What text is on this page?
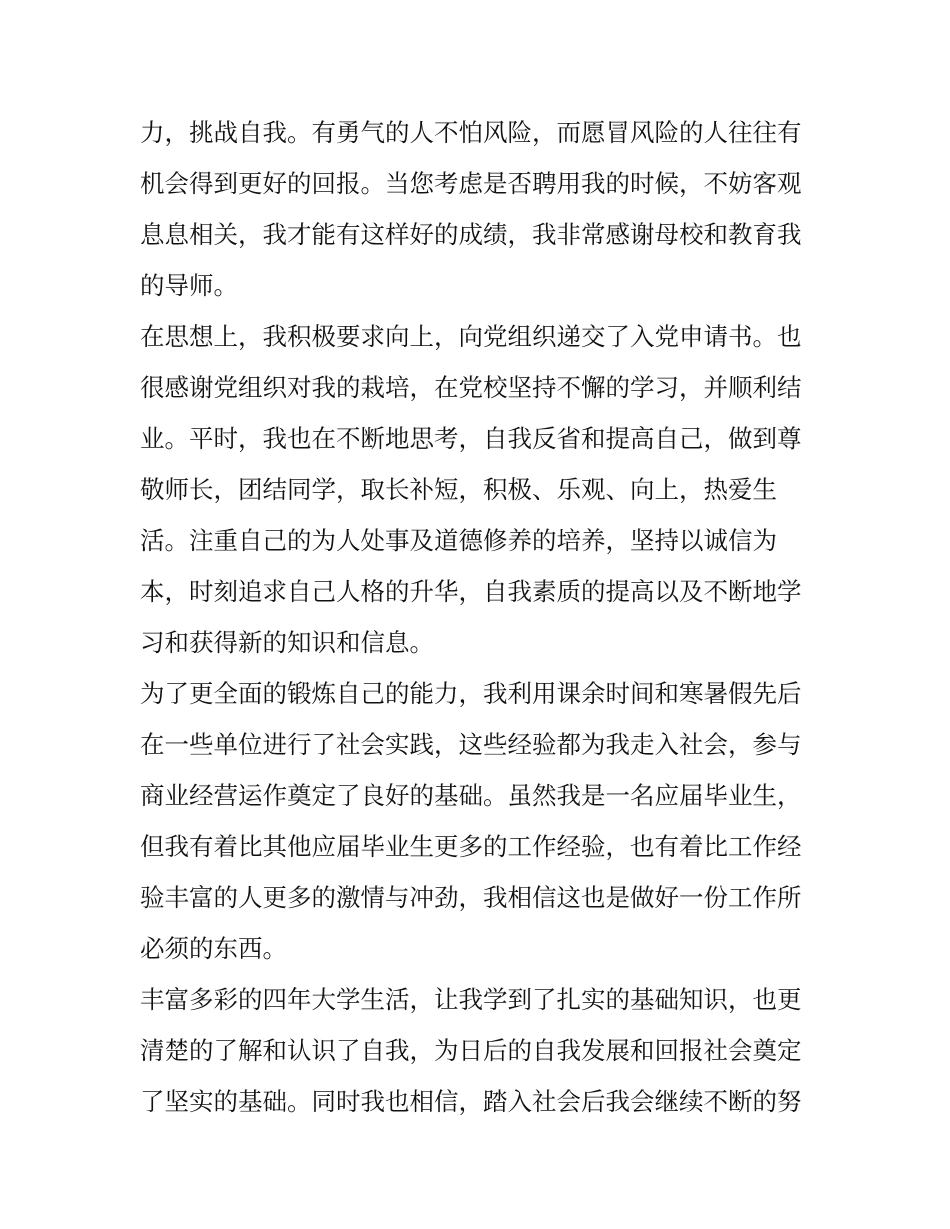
力，挑战自我。有勇气的人不怕风险，而愿冒风险的人往往有
机会得到更好的回报。当您考虑是否聘用我的时候，不妨客观
息息相关，我才能有这样好的成绩，我非常感谢母校和教育我
的导师。
在思想上，我积极要求向上，向党组织递交了入党申请书。也
很感谢党组织对我的栽培，在党校坚持不懈的学习，并顺利结
业。平时，我也在不断地思考，自我反省和提高自己，做到尊
敬师长，团结同学，取长补短，积极、乐观、向上，热爱生
活。注重自己的为人处事及道德修养的培养，坚持以诚信为
本，时刻追求自己人格的升华，自我素质的提高以及不断地学
习和获得新的知识和信息。
为了更全面的锻炼自己的能力，我利用课余时间和寒暑假先后
在一些单位进行了社会实践，这些经验都为我走入社会，参与
商业经营运作奠定了良好的基础。虽然我是一名应届毕业生，
但我有着比其他应届毕业生更多的工作经验，也有着比工作经
验丰富的人更多的激情与冲劲，我相信这也是做好一份工作所
必须的东西。
丰富多彩的四年大学生活，让我学到了扎实的基础知识，也更
清楚的了解和认识了自我，为日后的自我发展和回报社会奠定
了坚实的基础。同时我也相信，踏入社会后我会继续不断的努
